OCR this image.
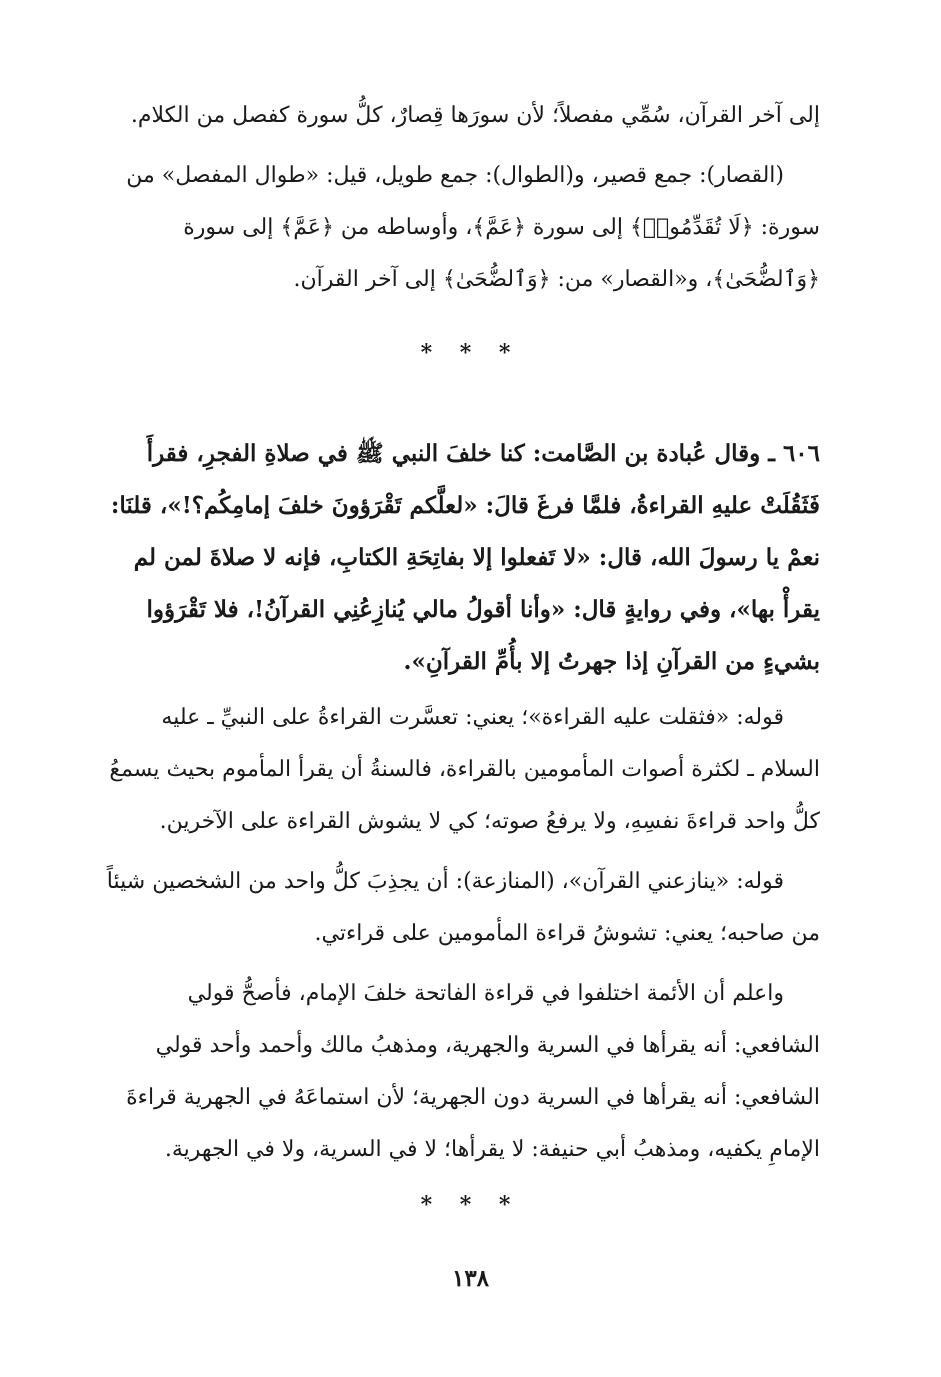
إلى آخر القرآن، سُمِّي مفصلاً؛ لأن سورَها قِصارٌ، كلُّ سورة كفصل من الكلام.

(القصار): جمع قصير، و(الطوال): جمع طويل، قيل: «طوال المفصل» من سورة: ﴿لَا تُقَدِّمُوا۟﴾ إلى سورة ﴿عَمَّ﴾، وأوساطه من ﴿عَمَّ﴾ إلى سورة ﴿وَٱلضُّحَىٰ﴾، و«القصار» من: ﴿وَٱلضُّحَىٰ﴾ إلى آخر القرآن.

* * *

٦٠٦ ـ وقال عُبادة بن الصَّامت: كنا خلفَ النبي ﷺ في صلاةِ الفجرِ، فقرأَ فَثَقُلَتْ عليهِ القراءةُ، فلمَّا فرغَ قالَ: «لعلَّكم تَقْرَؤونَ خلفَ إمامِكُم؟!»، قلنَا: نعمْ يا رسولَ الله، قال: «لا تَفعلوا إلا بفاتِحَةِ الكتابِ، فإنه لا صلاةَ لمن لم يقرأْ بها»، وفي روايةٍ قال: «وأنا أقولُ مالي يُنازِعُنِي القرآنُ!، فلا تَقْرَؤوا بشيءٍ من القرآنِ إذا جهرتُ إلا بأُمِّ القرآنِ».

قوله: «فثقلت عليه القراءة»؛ يعني: تعسَّرت القراءةُ على النبيِّ ـ عليه السلام ـ لكثرة أصوات المأمومين بالقراءة، فالسنةُ أن يقرأ المأموم بحيث يسمعُ كلُّ واحد قراءةَ نفسِهِ، ولا يرفعُ صوته؛ كي لا يشوش القراءة على الآخرين.

قوله: «ينازعني القرآن»، (المنازعة): أن يجذِبَ كلُّ واحد من الشخصين شيئاً من صاحبه؛ يعني: تشوشُ قراءة المأمومين على قراءتي.

واعلم أن الأئمة اختلفوا في قراءة الفاتحة خلفَ الإمام، فأصحُّ قولي الشافعي: أنه يقرأها في السرية والجهرية، ومذهبُ مالك وأحمد وأحد قولي الشافعي: أنه يقرأها في السرية دون الجهرية؛ لأن استماعَهُ في الجهرية قراءةَ الإمامِ يكفيه، ومذهبُ أبي حنيفة: لا يقرأها؛ لا في السرية، ولا في الجهرية.

* * *
١٣٨
